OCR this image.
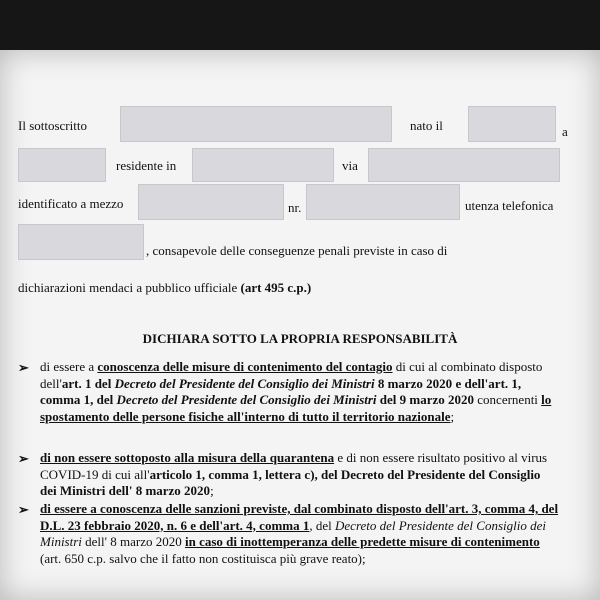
Il sottoscritto	nato il	a
residente in	via
identificato a mezzo	nr.	utenza telefonica
, consapevole delle conseguenze penali previste in caso di
dichiarazioni mendaci a pubblico ufficiale (art 495 c.p.)
DICHIARA SOTTO LA PROPRIA RESPONSABILITÀ
➢ di essere a conoscenza delle misure di contenimento del contagio di cui al combinato disposto dell'art. 1 del Decreto del Presidente del Consiglio dei Ministri 8 marzo 2020 e dell'art. 1, comma 1, del Decreto del Presidente del Consiglio dei Ministri del 9 marzo 2020 concernenti lo spostamento delle persone fisiche all'interno di tutto il territorio nazionale;
➢ di non essere sottoposto alla misura della quarantena e di non essere risultato positivo al virus COVID-19 di cui all'articolo 1, comma 1, lettera c), del Decreto del Presidente del Consiglio dei Ministri dell' 8 marzo 2020;
➢ di essere a conoscenza delle sanzioni previste, dal combinato disposto dell'art. 3, comma 4, del D.L. 23 febbraio 2020, n. 6 e dell'art. 4, comma 1, del Decreto del Presidente del Consiglio dei Ministri dell' 8 marzo 2020 in caso di inottemperanza delle predette misure di contenimento (art. 650 c.p. salvo che il fatto non costituisca più grave reato);
